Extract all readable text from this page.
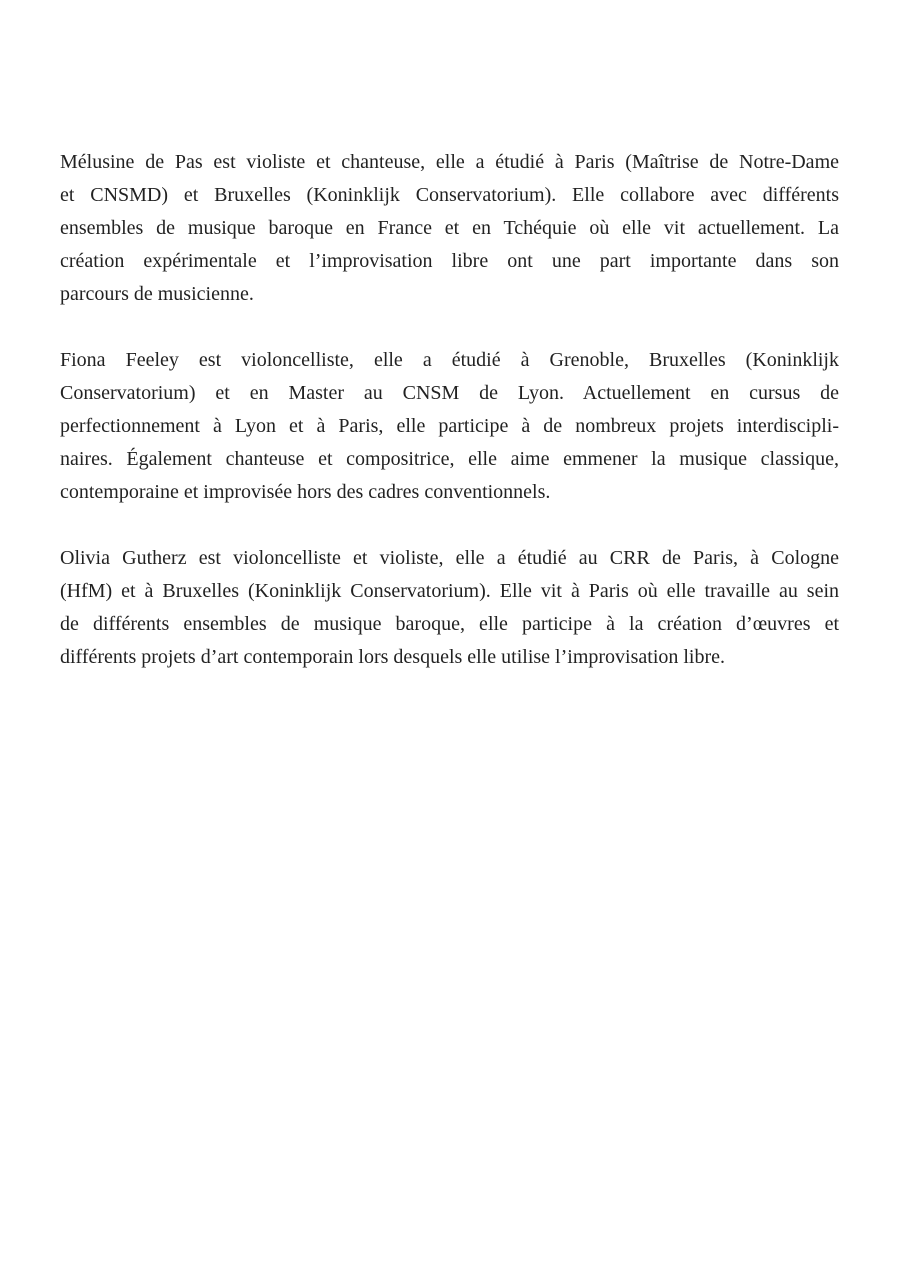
Mélusine de Pas est violiste et chanteuse, elle a étudié à Paris (Maîtrise de Notre-Dame
et CNSMD) et Bruxelles (Koninklijk Conservatorium). Elle collabore avec différents
ensembles de musique baroque en France et en Tchéquie où elle vit actuellement. La
création expérimentale et l’improvisation libre ont une part importante dans son
parcours de musicienne.

Fiona Feeley est violoncelliste, elle a étudié à Grenoble, Bruxelles (Koninklijk
Conservatorium) et en Master au CNSM de Lyon. Actuellement en cursus de
perfectionnement à Lyon et à Paris, elle participe à de nombreux projets interdiscipli-
naires. Également chanteuse et compositrice, elle aime emmener la musique classique,
contemporaine et improvisée hors des cadres conventionnels.

Olivia Gutherz est violoncelliste et violiste, elle a étudié au CRR de Paris, à Cologne
(HfM) et à Bruxelles (Koninklijk Conservatorium). Elle vit à Paris où elle travaille au sein
de différents ensembles de musique baroque, elle participe à la création d’œuvres et
différents projets d’art contemporain lors desquels elle utilise l’improvisation libre.
